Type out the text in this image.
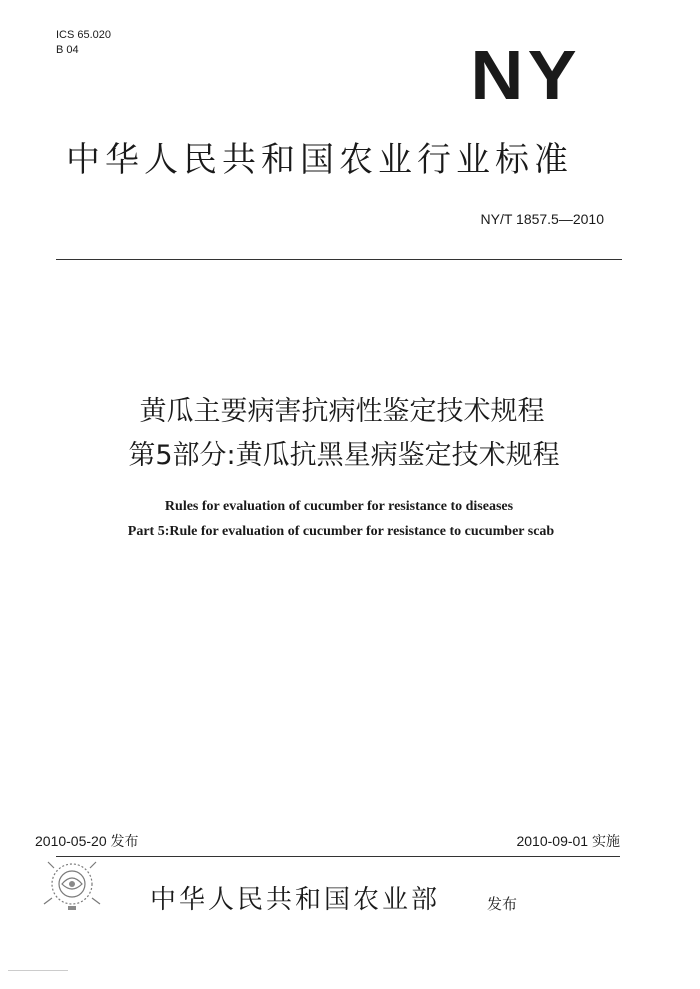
ICS 65.020
B 04	NY
中华人民共和国农业行业标准
NY/T 1857.5—2010
黄瓜主要病害抗病性鉴定技术规程
第5部分:黄瓜抗黑星病鉴定技术规程
Rules for evaluation of cucumber for resistance to diseases
Part 5:Rule for evaluation of cucumber for resistance to cucumber scab
2010-05-20 发布	2010-09-01 实施
中华人民共和国农业部	发布
